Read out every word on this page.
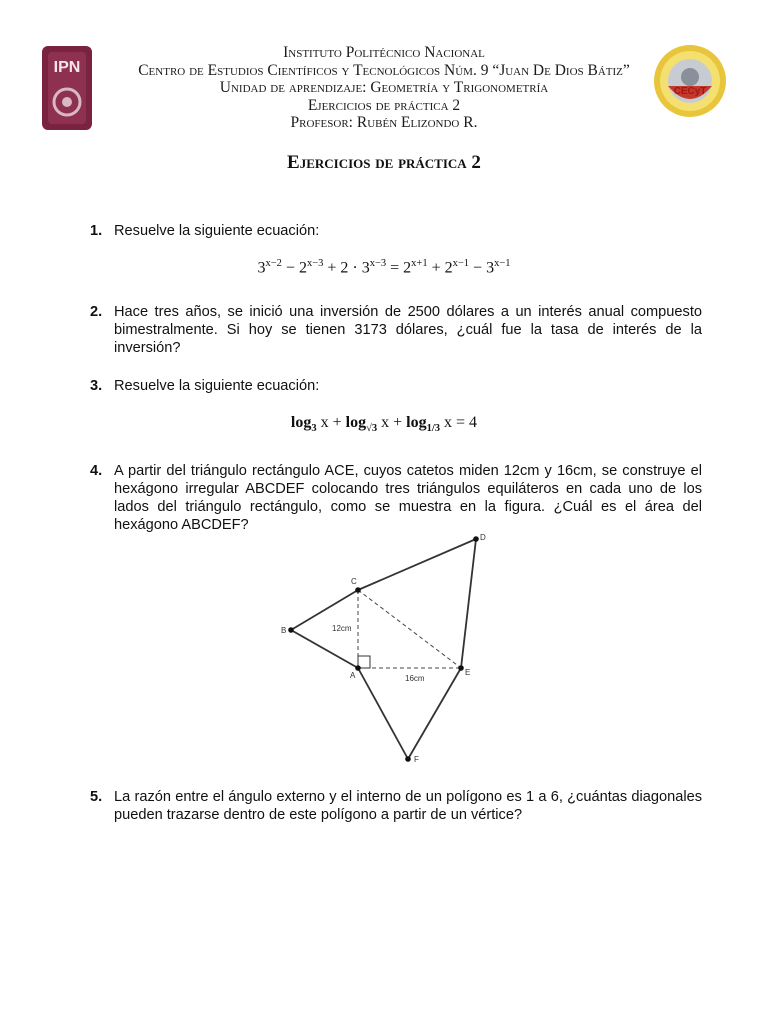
IPN
CECyT
Instituto Politécnico Nacional
Centro de Estudios Científicos y Tecnológicos Núm. 9 “Juan De Dios Bátiz”
Unidad de aprendizaje: Geometría y Trigonometría
Ejercicios de práctica 2
Profesor: Rubén Elizondo R.
Ejercicios de práctica 2
1. Resuelve la siguiente ecuación:
$3^{x-2} - 2^{x-3} + 2 \cdot 3^{x-3} = 2^{x+1} + 2^{x-1} - 3^{x-1}$
2. Hace tres años, se inició una inversión de 2500 dólares a un interés anual compuesto bimestralmente. Si hoy se tienen 3173 dólares, ¿cuál fue la tasa de interés de la inversión?
3. Resuelve la siguiente ecuación:
$\log_3 x + \log_{√3} x + \log_{1/3} x = 4$
4. A partir del triángulo rectángulo ACE, cuyos catetos miden 12cm y 16cm, se construye el hexágono irregular ABCDEF colocando tres triángulos equiláteros en cada uno de los lados del triángulo rectángulo, como se muestra en la figura. ¿Cuál es el área del hexágono ABCDEF?
A
B
C
D
E
F
12cm
16cm
5. La razón entre el ángulo externo y el interno de un polígono es 1 a 6, ¿cuántas diagonales pueden trazarse dentro de este polígono a partir de un vértice?
